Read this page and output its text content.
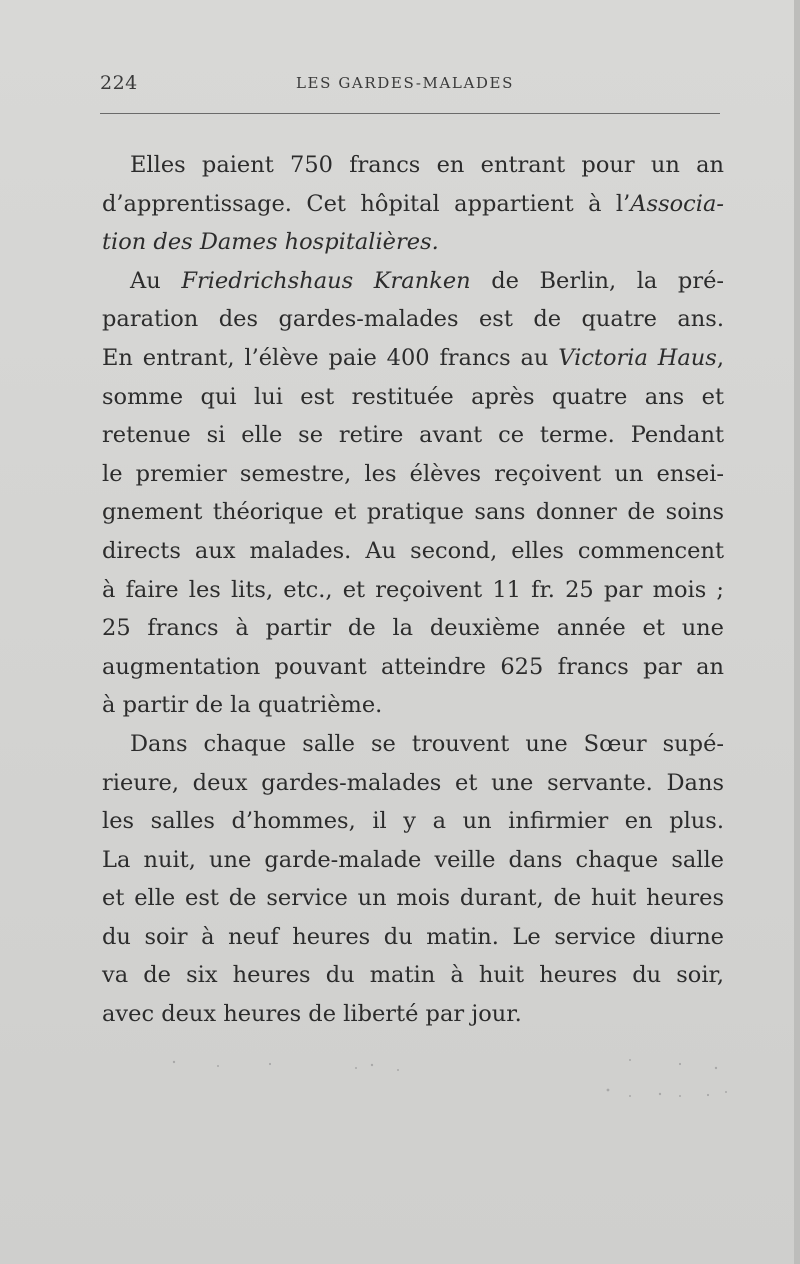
224	LES GARDES-MALADES
Elles paient 750 francs en entrant pour un an
d’apprentissage. Cet hôpital appartient à l’Associa-
tion des Dames hospitalières.
Au Friedrichshaus Kranken de Berlin, la pré-
paration des gardes-malades est de quatre ans.
En entrant, l’élève paie 400 francs au Victoria Haus,
somme qui lui est restituée après quatre ans et
retenue si elle se retire avant ce terme. Pendant
le premier semestre, les élèves reçoivent un ensei-
gnement théorique et pratique sans donner de soins
directs aux malades. Au second, elles commencent
à faire les lits, etc., et reçoivent 11 fr. 25 par mois ;
25 francs à partir de la deuxième année et une
augmentation pouvant atteindre 625 francs par an
à partir de la quatrième.
Dans chaque salle se trouvent une Sœur supé-
rieure, deux gardes-malades et une servante. Dans
les salles d’hommes, il y a un infirmier en plus.
La nuit, une garde-malade veille dans chaque salle
et elle est de service un mois durant, de huit heures
du soir à neuf heures du matin. Le service diurne
va de six heures du matin à huit heures du soir,
avec deux heures de liberté par jour.
